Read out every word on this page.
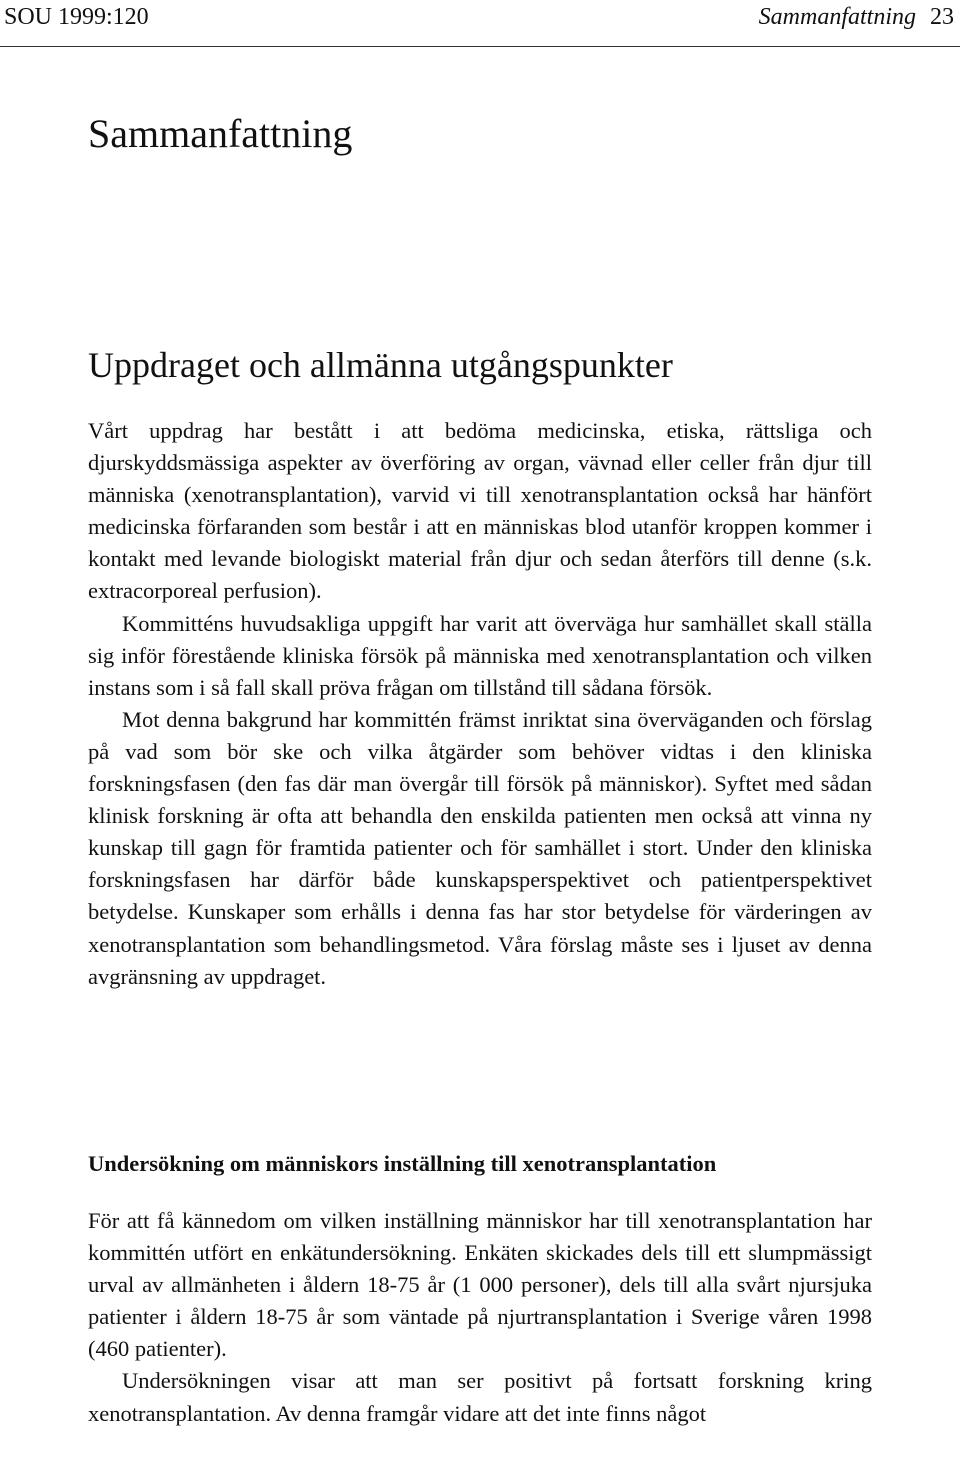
SOU 1999:120	Sammanfattning 23
Sammanfattning
Uppdraget och allmänna utgångspunkter

Vårt uppdrag har bestått i att bedöma medicinska, etiska, rättsliga och djurskyddsmässiga aspekter av överföring av organ, vävnad eller celler från djur till människa (xenotransplantation), varvid vi till xenotransplantation också har hänfört medicinska förfaranden som består i att en människas blod utanför kroppen kommer i kontakt med levande biologiskt material från djur och sedan återförs till denne (s.k. extracorporeal perfusion).

Kommitténs huvudsakliga uppgift har varit att överväga hur samhället skall ställa sig inför förestående kliniska försök på människa med xenotransplantation och vilken instans som i så fall skall pröva frågan om tillstånd till sådana försök.

Mot denna bakgrund har kommittén främst inriktat sina överväganden och förslag på vad som bör ske och vilka åtgärder som behöver vidtas i den kliniska forskningsfasen (den fas där man övergår till försök på människor). Syftet med sådan klinisk forskning är ofta att behandla den enskilda patienten men också att vinna ny kunskap till gagn för framtida patienter och för samhället i stort. Under den kliniska forskningsfasen har därför både kunskapsperspektivet och patientperspektivet betydelse. Kunskaper som erhålls i denna fas har stor betydelse för värderingen av xenotransplantation som behandlingsmetod. Våra förslag måste ses i ljuset av denna avgränsning av uppdraget.

Undersökning om människors inställning till xenotransplantation

För att få kännedom om vilken inställning människor har till xenotransplantation har kommittén utfört en enkätundersökning. Enkäten skickades dels till ett slumpmässigt urval av allmänheten i åldern 18-75 år (1 000 personer), dels till alla svårt njursjuka patienter i åldern 18-75 år som väntade på njurtransplantation i Sverige våren 1998 (460 patienter).

Undersökningen visar att man ser positivt på fortsatt forskning kring xenotransplantation. Av denna framgår vidare att det inte finns något
